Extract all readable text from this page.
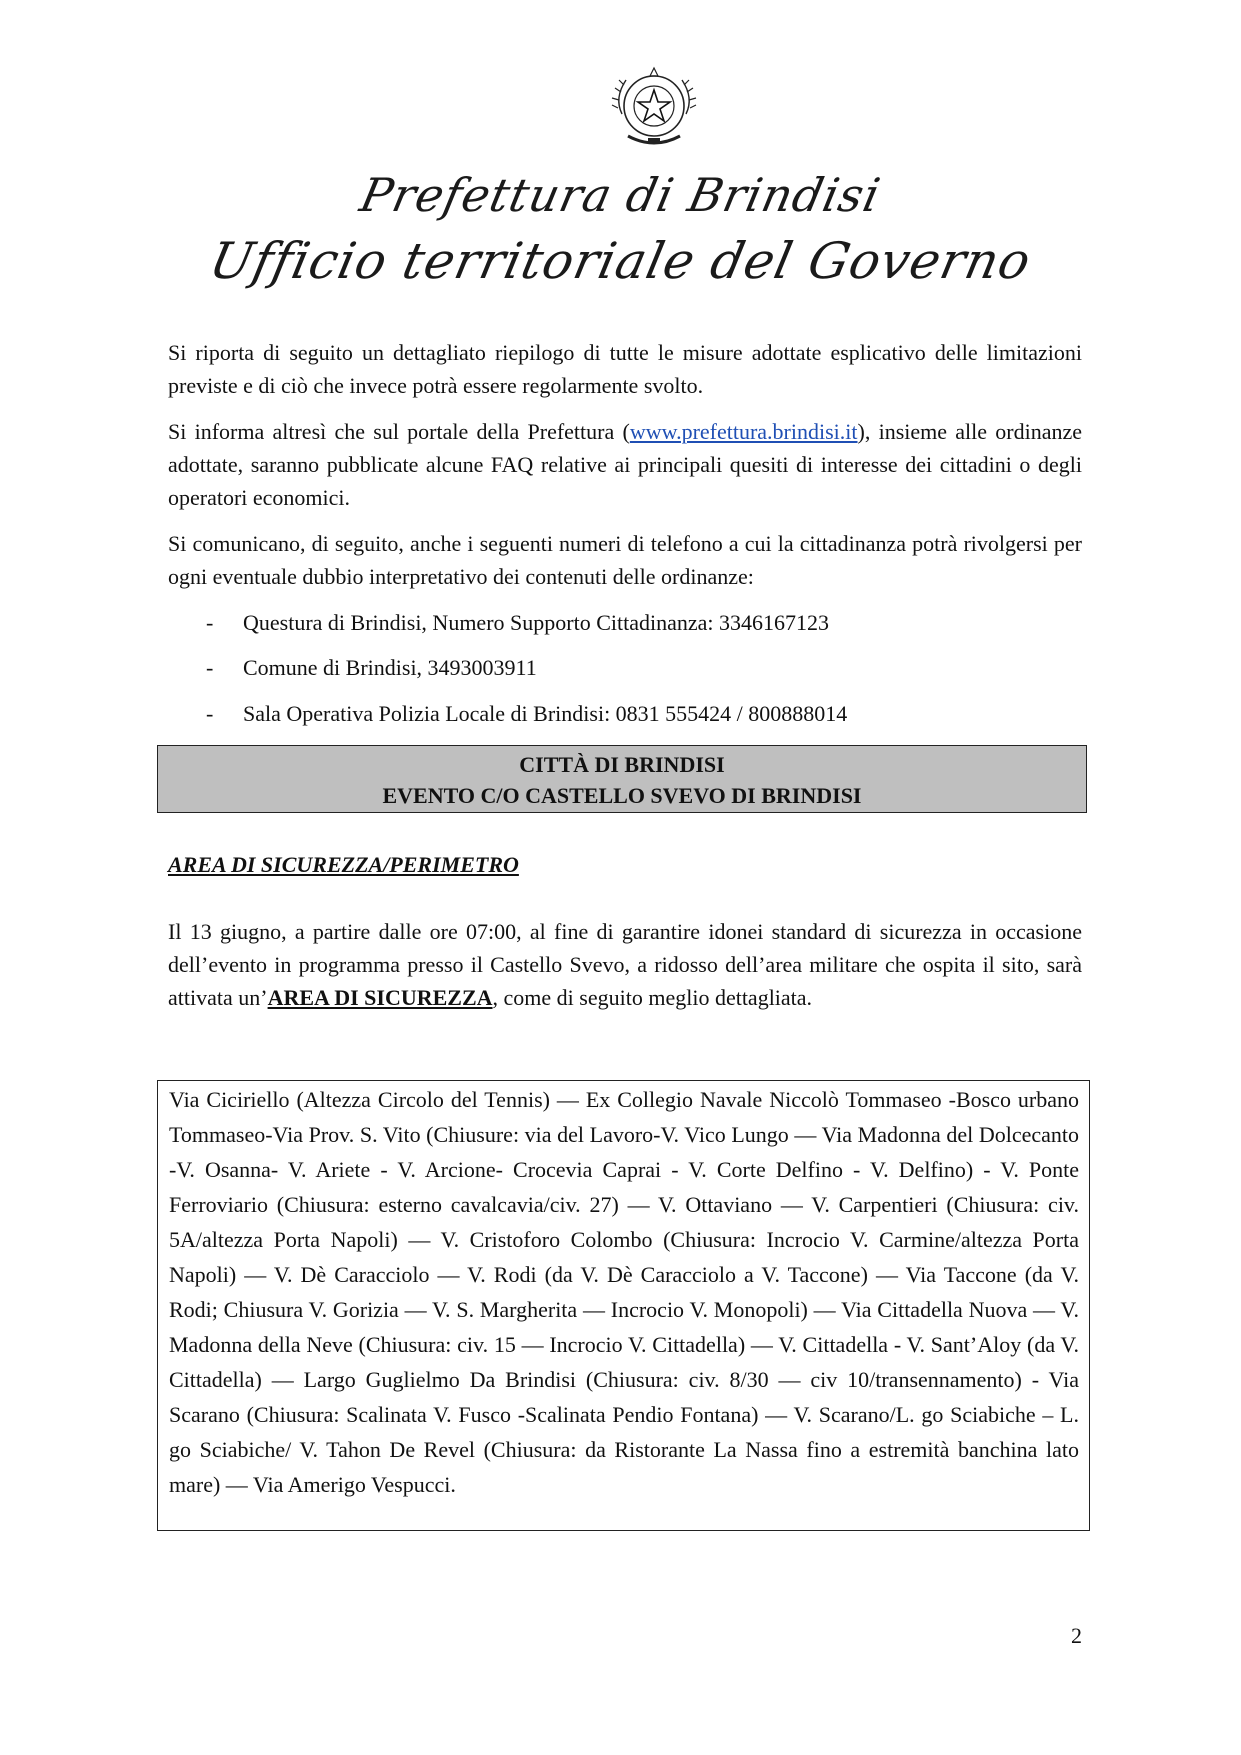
Prefettura di Brindisi
Ufficio territoriale del Governo

Si riporta di seguito un dettagliato riepilogo di tutte le misure adottate esplicativo delle limitazioni previste e di ciò che invece potrà essere regolarmente svolto.

Si informa altresì che sul portale della Prefettura (www.prefettura.brindisi.it), insieme alle ordinanze adottate, saranno pubblicate alcune FAQ relative ai principali quesiti di interesse dei cittadini o degli operatori economici.

Si comunicano, di seguito, anche i seguenti numeri di telefono a cui la cittadinanza potrà rivolgersi per ogni eventuale dubbio interpretativo dei contenuti delle ordinanze:

- Questura di Brindisi, Numero Supporto Cittadinanza: 3346167123
- Comune di Brindisi, 3493003911
- Sala Operativa Polizia Locale di Brindisi: 0831 555424 / 800888014
CITTÀ DI BRINDISI
EVENTO C/O CASTELLO SVEVO DI BRINDISI
AREA DI SICUREZZA/PERIMETRO

Il 13 giugno, a partire dalle ore 07:00, al fine di garantire idonei standard di sicurezza in occasione dell’evento in programma presso il Castello Svevo, a ridosso dell’area militare che ospita il sito, sarà attivata un’AREA DI SICUREZZA, come di seguito meglio dettagliata.

Via Ciciriello (Altezza Circolo del Tennis) — Ex Collegio Navale Niccolò Tommaseo -Bosco urbano Tommaseo-Via Prov. S. Vito (Chiusure: via del Lavoro-V. Vico Lungo — Via Madonna del Dolcecanto -V. Osanna- V. Ariete - V. Arcione- Crocevia Caprai - V. Corte Delfino - V. Delfino) - V. Ponte Ferroviario (Chiusura: esterno cavalcavia/civ. 27) — V. Ottaviano — V. Carpentieri (Chiusura: civ. 5A/altezza Porta Napoli) — V. Cristoforo Colombo (Chiusura: Incrocio V. Carmine/altezza Porta Napoli) — V. Dè Caracciolo — V. Rodi (da V. Dè Caracciolo a V. Taccone) — Via Taccone (da V. Rodi; Chiusura V. Gorizia — V. S. Margherita — Incrocio V. Monopoli) — Via Cittadella Nuova — V. Madonna della Neve (Chiusura: civ. 15 — Incrocio V. Cittadella) — V. Cittadella - V. Sant’Aloy (da V. Cittadella) — Largo Guglielmo Da Brindisi (Chiusura: civ. 8/30 — civ 10/transennamento) - Via Scarano (Chiusura: Scalinata V. Fusco -Scalinata Pendio Fontana) — V. Scarano/L. go Sciabiche – L. go Sciabiche/ V. Tahon De Revel (Chiusura: da Ristorante La Nassa fino a estremità banchina lato mare) — Via Amerigo Vespucci.
2
